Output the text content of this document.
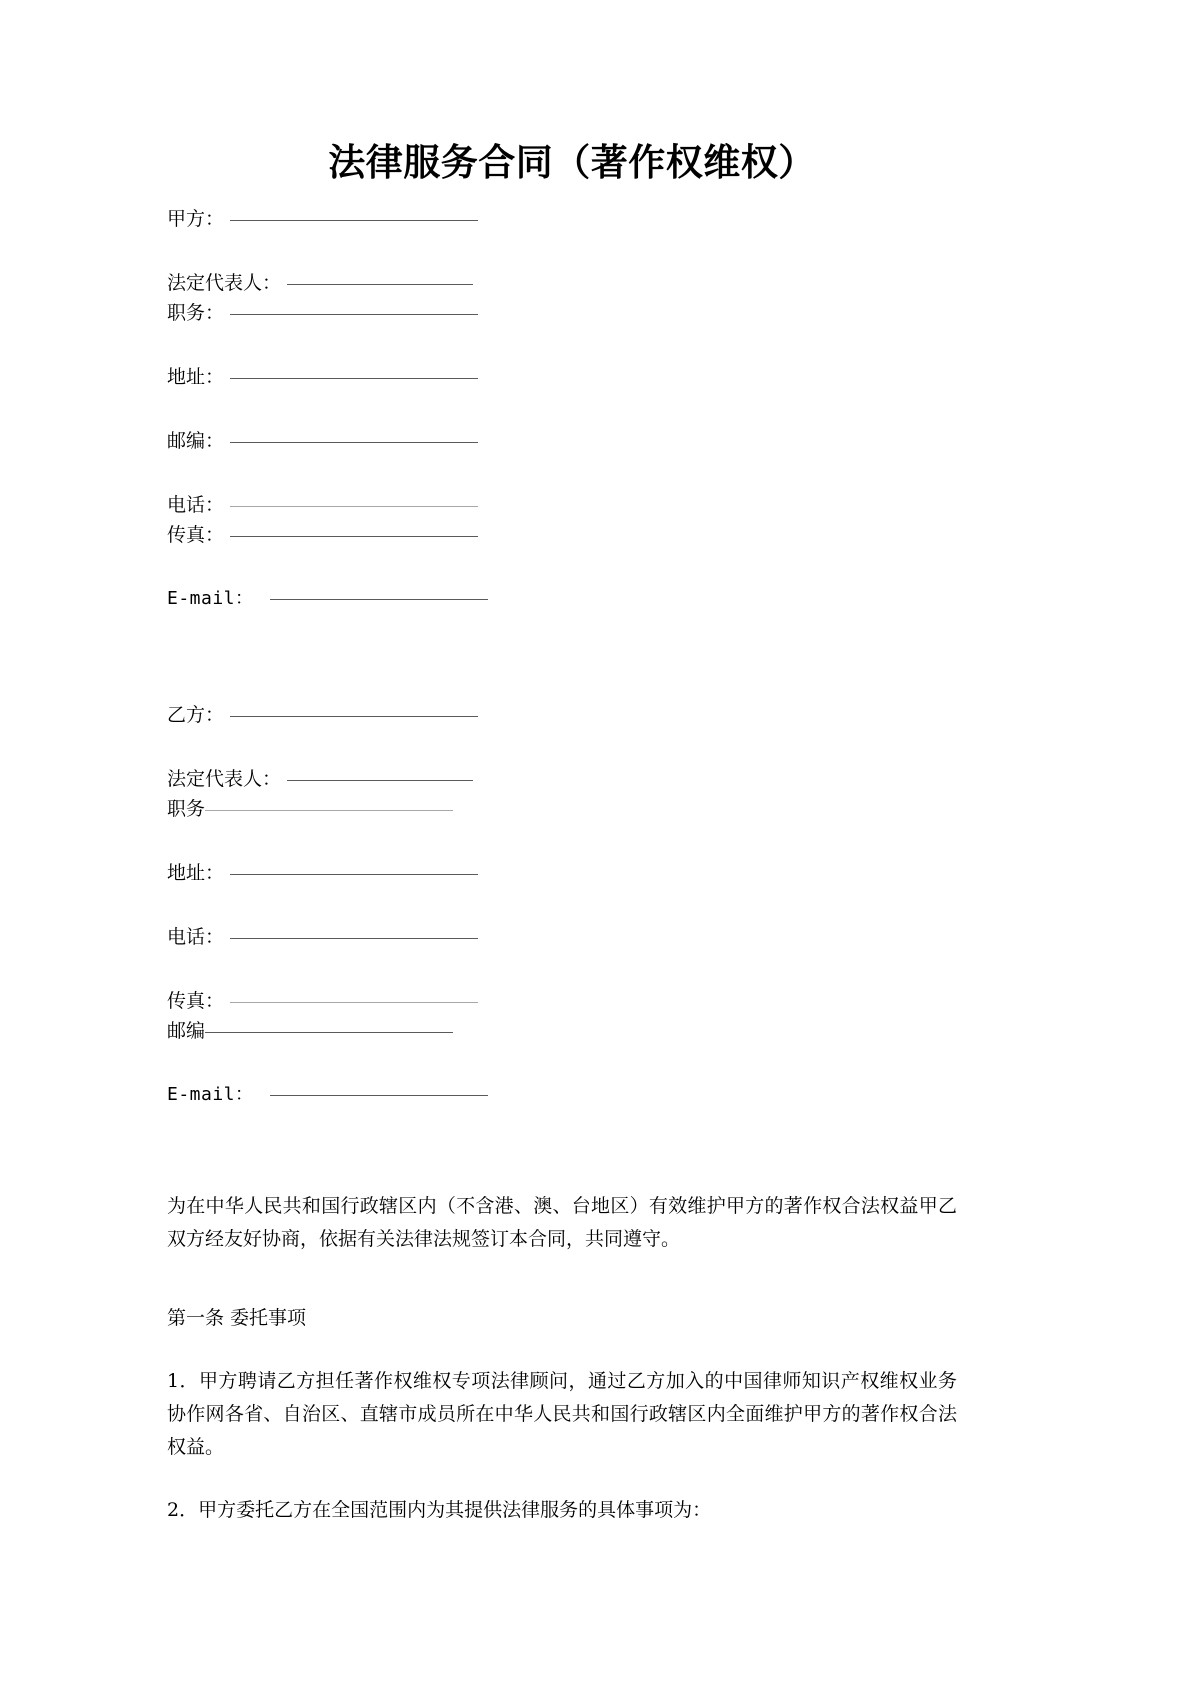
法律服务合同（著作权维权）
甲方：
法定代表人：
职务：
地址：
邮编：
电话：
传真：
E-mail：
乙方：
法定代表人：
职务
地址：
电话：
传真：
邮编
E-mail：

为在中华人民共和国行政辖区内（不含港、澳、台地区）有效维护甲方的著作权合法权益甲乙双方经友好协商，依据有关法律法规签订本合同，共同遵守。

第一条 委托事项

1．甲方聘请乙方担任著作权维权专项法律顾问，通过乙方加入的中国律师知识产权维权业务协作网各省、自治区、直辖市成员所在中华人民共和国行政辖区内全面维护甲方的著作权合法权益。

2．甲方委托乙方在全国范围内为其提供法律服务的具体事项为：
